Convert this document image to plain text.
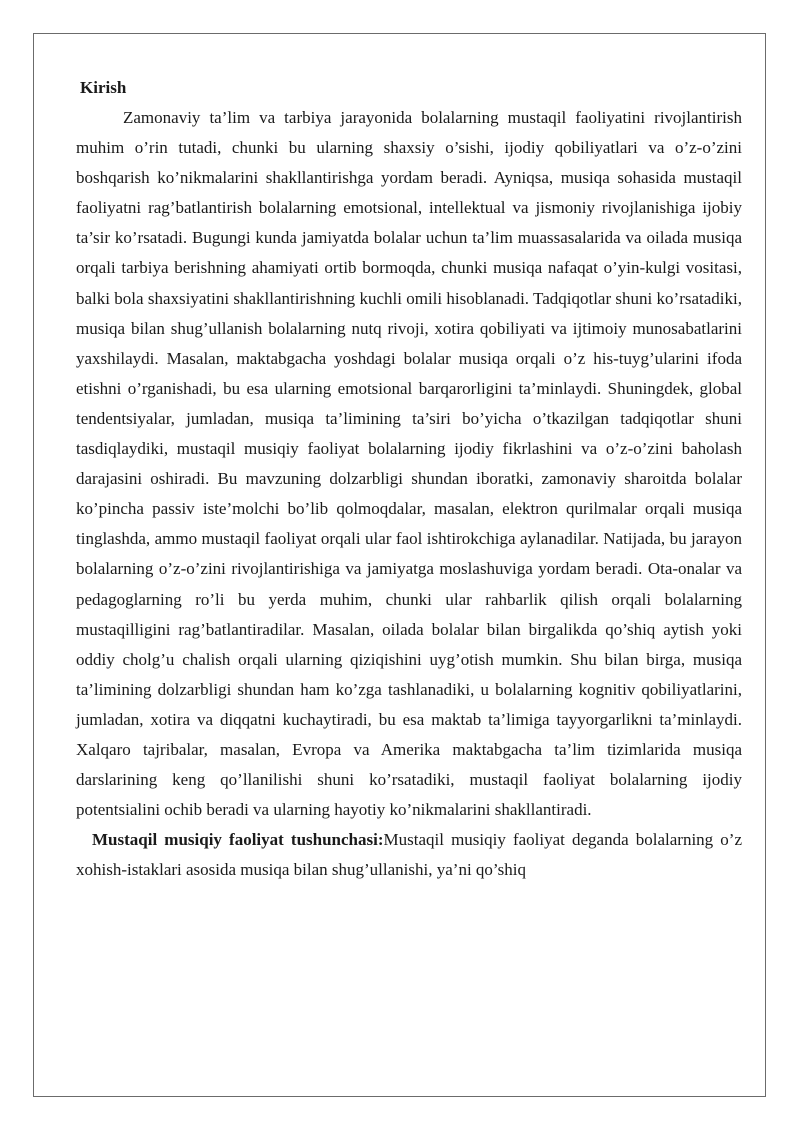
Kirish

Zamonaviy ta’lim va tarbiya jarayonida bolalarning mustaqil faoliyatini rivojlantirish muhim o’rin tutadi, chunki bu ularning shaxsiy o’sishi, ijodiy qobiliyatlari va o’z-o’zini boshqarish ko’nikmalarini shakllantirishga yordam beradi. Ayniqsa, musiqa sohasida mustaqil faoliyatni rag’batlantirish bolalarning emotsional, intellektual va jismoniy rivojlanishiga ijobiy ta’sir ko’rsatadi. Bugungi kunda jamiyatda bolalar uchun ta’lim muassasalarida va oilada musiqa orqali tarbiya berishning ahamiyati ortib bormoqda, chunki musiqa nafaqat o’yin-kulgi vositasi, balki bola shaxsiyatini shakllantirishning kuchli omili hisoblanadi. Tadqiqotlar shuni ko’rsatadiki, musiqa bilan shug’ullanish bolalarning nutq rivoji, xotira qobiliyati va ijtimoiy munosabatlarini yaxshilaydi. Masalan, maktabgacha yoshdagi bolalar musiqa orqali o’z his-tuyg’ularini ifoda etishni o’rganishadi, bu esa ularning emotsional barqarorligini ta’minlaydi. Shuningdek, global tendentsiyalar, jumladan, musiqa ta’limining ta’siri bo’yicha o’tkazilgan tadqiqotlar shuni tasdiqlaydiki, mustaqil musiqiy faoliyat bolalarning ijodiy fikrlashini va o’z-o’zini baholash darajasini oshiradi. Bu mavzuning dolzarbligi shundan iboratki, zamonaviy sharoitda bolalar ko’pincha passiv iste’molchi bo’lib qolmoqdalar, masalan, elektron qurilmalar orqali musiqa tinglashda, ammo mustaqil faoliyat orqali ular faol ishtirokchiga aylanadilar. Natijada, bu jarayon bolalarning o’z-o’zini rivojlantirishiga va jamiyatga moslashuviga yordam beradi. Ota-onalar va pedagoglarning ro’li bu yerda muhim, chunki ular rahbarlik qilish orqali bolalarning mustaqilligini rag’batlantiradilar. Masalan, oilada bolalar bilan birgalikda qo’shiq aytish yoki oddiy cholg’u chalish orqali ularning qiziqishini uyg’otish mumkin. Shu bilan birga, musiqa ta’limining dolzarbligi shundan ham ko’zga tashlanadiki, u bolalarning kognitiv qobiliyatlarini, jumladan, xotira va diqqatni kuchaytiradi, bu esa maktab ta’limiga tayyorgarlikni ta’minlaydi. Xalqaro tajribalar, masalan, Evropa va Amerika maktabgacha ta’lim tizimlarida musiqa darslarining keng qo’llanilishi shuni ko’rsatadiki, mustaqil faoliyat bolalarning ijodiy potentsialini ochib beradi va ularning hayotiy ko’nikmalarini shakllantiradi.

Mustaqil musiqiy faoliyat tushunchasi:Mustaqil musiqiy faoliyat deganda bolalarning o’z xohish-istaklari asosida musiqa bilan shug’ullanishi, ya’ni qo’shiq
